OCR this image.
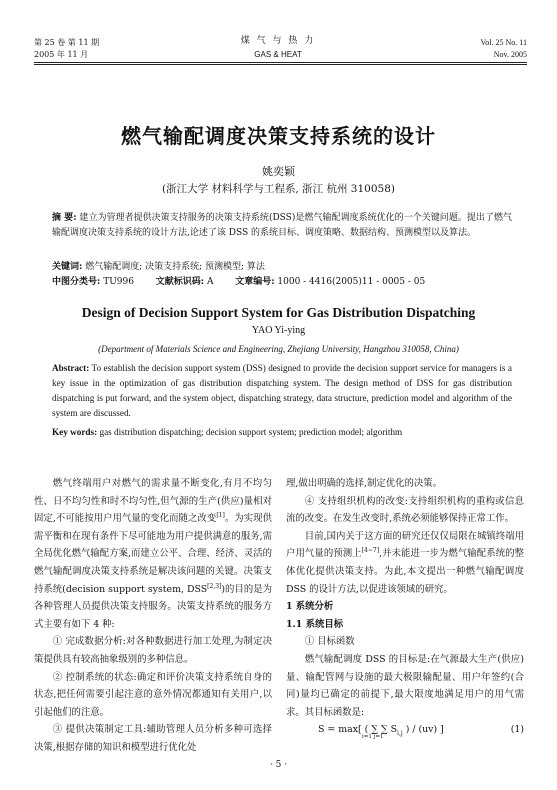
第 25 卷 第 11 期
2005 年 11 月
煤 气 与 热 力
GAS & HEAT
Vol. 25 No. 11
Nov. 2005
燃气输配调度决策支持系统的设计
姚奕颖
(浙江大学 材料科学与工程系, 浙江 杭州 310058)
摘 要: 建立为管理者提供决策支持服务的决策支持系统(DSS)是燃气输配调度系统优化的一个关键问题。提出了燃气输配调度决策支持系统的设计方法,论述了该 DSS 的系统目标、调度策略、数据结构、预测模型以及算法。
关键词: 燃气输配调度; 决策支持系统; 预测模型; 算法
中图分类号: TU996 文献标识码: A 文章编号: 1000 - 4416(2005)11 - 0005 - 05
Design of Decision Support System for Gas Distribution Dispatching
YAO Yi-ying
(Department of Materials Science and Engineering, Zhejiang University, Hangzhou 310058, China)
Abstract: To establish the decision support system (DSS) designed to provide the decision support service for managers is a key issue in the optimization of gas distribution dispatching system. The design method of DSS for gas distribution dispatching is put forward, and the system object, dispatching strategy, data structure, prediction model and algorithm of the system are discussed.
Key words: gas distribution dispatching; decision support system; prediction model; algorithm

燃气终端用户对燃气的需求量不断变化,有月不均匀性、日不均匀性和时不均匀性,但气源的生产(供应)量相对固定,不可能按用户用气量的变化而随之改变[1]。为实现供需平衡和在现有条件下尽可能地为用户提供满意的服务,需全局优化燃气输配方案,而建立公平、合理、经济、灵活的燃气输配调度决策支持系统是解决该问题的关键。决策支持系统(decision support system, DSS[2,3])的目的是为各种管理人员提供决策支持服务。决策支持系统的服务方式主要有如下 4 种:

① 完成数据分析:对各种数据进行加工处理,为制定决策提供具有较高抽象级别的多种信息。

② 控制系统的状态:确定和评价决策支持系统自身的状态,把任何需要引起注意的意外情况都通知有关用户,以引起他们的注意。

③ 提供决策制定工具:辅助管理人员分析多种可选择决策,根据存储的知识和模型进行优化处

理,做出明确的选择,制定优化的决策。

④ 支持组织机构的改变:支持组织机构的重构或信息流的改变。在发生改变时,系统必须能够保持正常工作。

目前,国内关于这方面的研究还仅仅局限在城镇终端用户用气量的预测上[4~7],并未能进一步为燃气输配系统的整体优化提供决策支持。为此,本文提出一种燃气输配调度 DSS 的设计方法,以促进该领域的研究。

1 系统分析

1.1 系统目标

① 目标函数

燃气输配调度 DSS 的目标是:在气源最大生产(供应)量、输配管网与设施的最大极限输配量、用户年签约(合同)量均已确定的前提下,最大限度地满足用户的用气需求。其目标函数是:

S = max[ ( ∑ ∑ $S_{i,j}$ ) / (uv) ]	(1)
i=1 j=1
· 5 ·
